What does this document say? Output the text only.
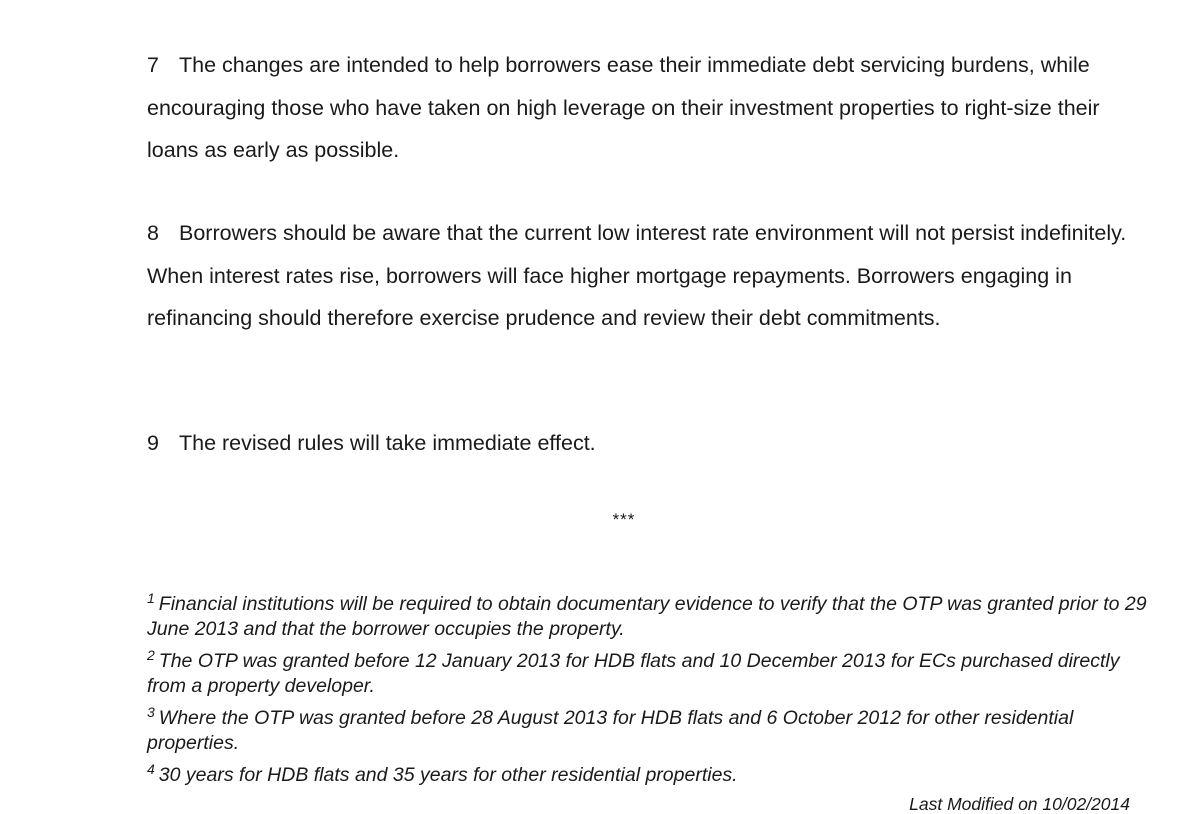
7 The changes are intended to help borrowers ease their immediate debt servicing burdens, while encouraging those who have taken on high leverage on their investment properties to right-size their loans as early as possible.

8 Borrowers should be aware that the current low interest rate environment will not persist indefinitely. When interest rates rise, borrowers will face higher mortgage repayments. Borrowers engaging in refinancing should therefore exercise prudence and review their debt commitments.

9 The revised rules will take immediate effect.

***

$^1$ Financial institutions will be required to obtain documentary evidence to verify that the OTP was granted prior to 29 June 2013 and that the borrower occupies the property.

$^2$ The OTP was granted before 12 January 2013 for HDB flats and 10 December 2013 for ECs purchased directly from a property developer.

$^3$ Where the OTP was granted before 28 August 2013 for HDB flats and 6 October 2012 for other residential properties.

$^4$ 30 years for HDB flats and 35 years for other residential properties.

Last Modified on 10/02/2014
